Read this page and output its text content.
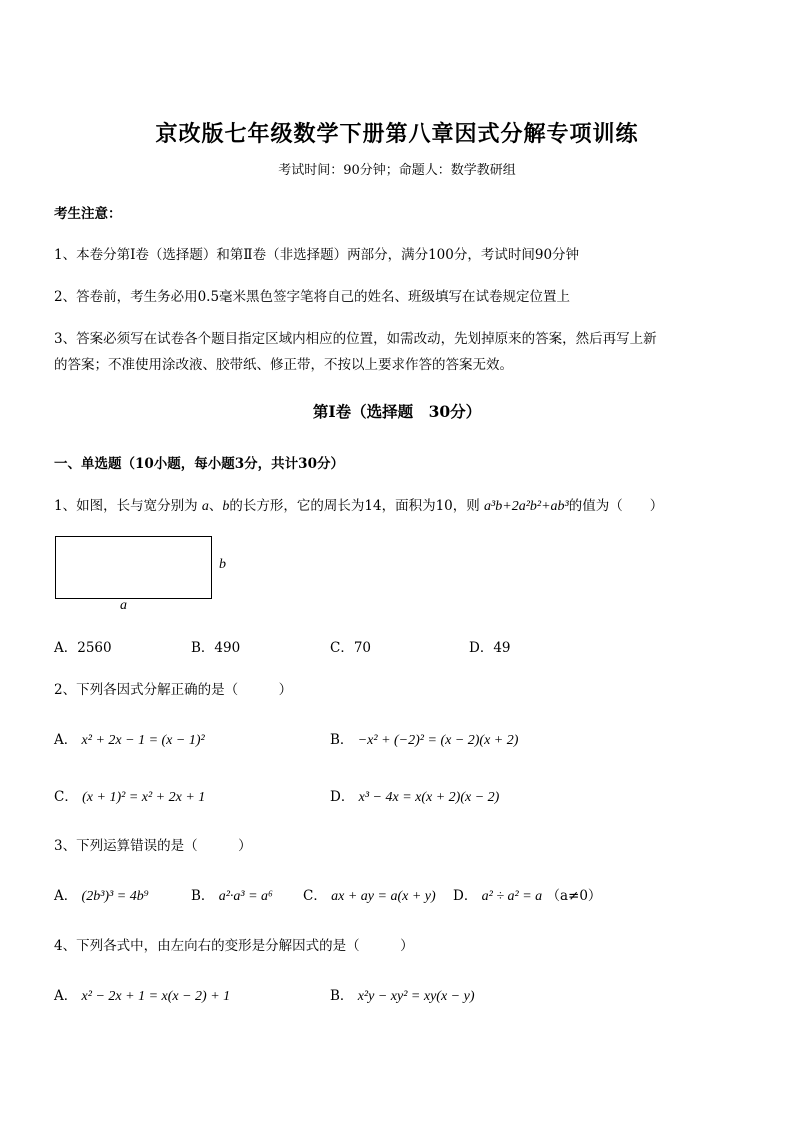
京改版七年级数学下册第八章因式分解专项训练
考试时间：90分钟；命题人：数学教研组
考生注意：
1、本卷分第Ⅰ卷（选择题）和第Ⅱ卷（非选择题）两部分，满分100分，考试时间90分钟
2、答卷前，考生务必用0.5毫米黑色签字笔将自己的姓名、班级填写在试卷规定位置上
3、答案必须写在试卷各个题目指定区域内相应的位置，如需改动，先划掉原来的答案，然后再写上新
的答案；不准使用涂改液、胶带纸、修正带，不按以上要求作答的答案无效。
第Ⅰ卷（选择题　30分）
一、单选题（10小题，每小题3分，共计30分）
1、如图，长与宽分别为 a、b的长方形，它的周长为14，面积为10，则 a³b+2a²b²+ab³的值为（　　）
b
a
A．2560	B．490	C．70	D．49
2、下列各因式分解正确的是（　　　）
A． x² + 2x − 1 = (x − 1)²	B． −x² + (−2)² = (x − 2)(x + 2)
C． (x + 1)² = x² + 2x + 1	D． x³ − 4x = x(x + 2)(x − 2)
3、下列运算错误的是（　　　）
A． (2b³)³ = 4b⁹	B． a²·a³ = a⁶ C． ax + ay = a(x + y) D． a² ÷ a² = a （a≠0）
4、下列各式中，由左向右的变形是分解因式的是（　　　）
A． x² − 2x + 1 = x(x − 2) + 1	B． x²y − xy² = xy(x − y)
